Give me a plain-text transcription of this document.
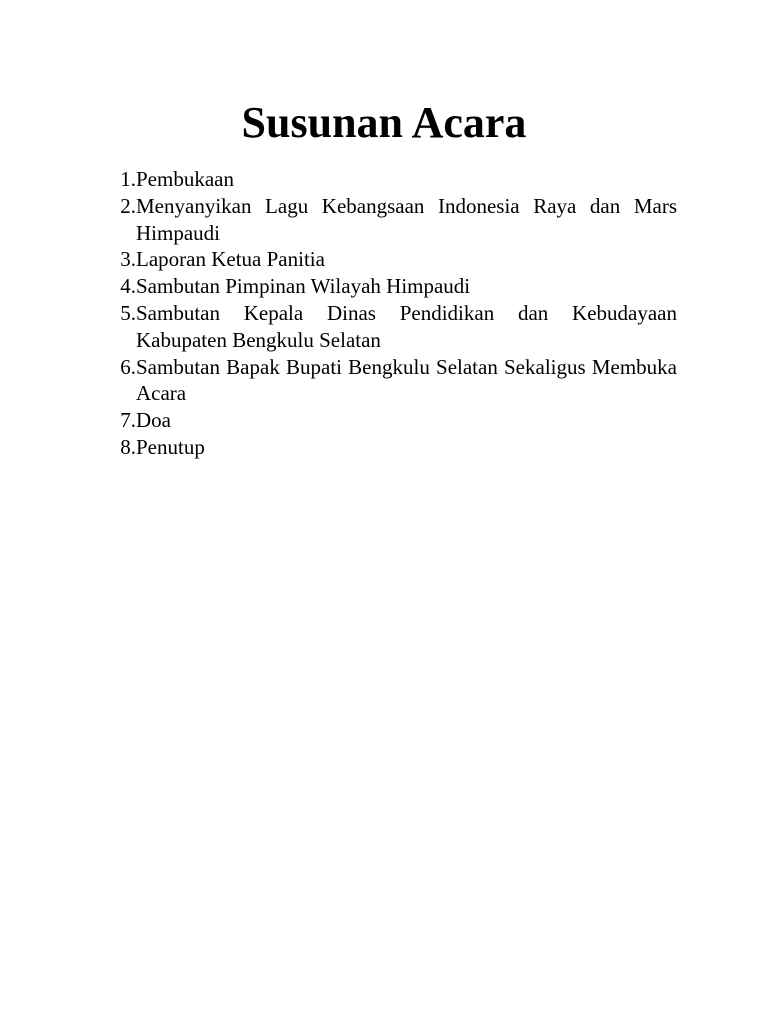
Susunan Acara
1. Pembukaan
2. Menyanyikan Lagu Kebangsaan Indonesia Raya dan Mars Himpaudi
3. Laporan Ketua Panitia
4. Sambutan Pimpinan Wilayah Himpaudi
5. Sambutan Kepala Dinas Pendidikan dan Kebudayaan Kabupaten Bengkulu Selatan
6. Sambutan Bapak Bupati Bengkulu Selatan Sekaligus Membuka Acara
7. Doa
8. Penutup
